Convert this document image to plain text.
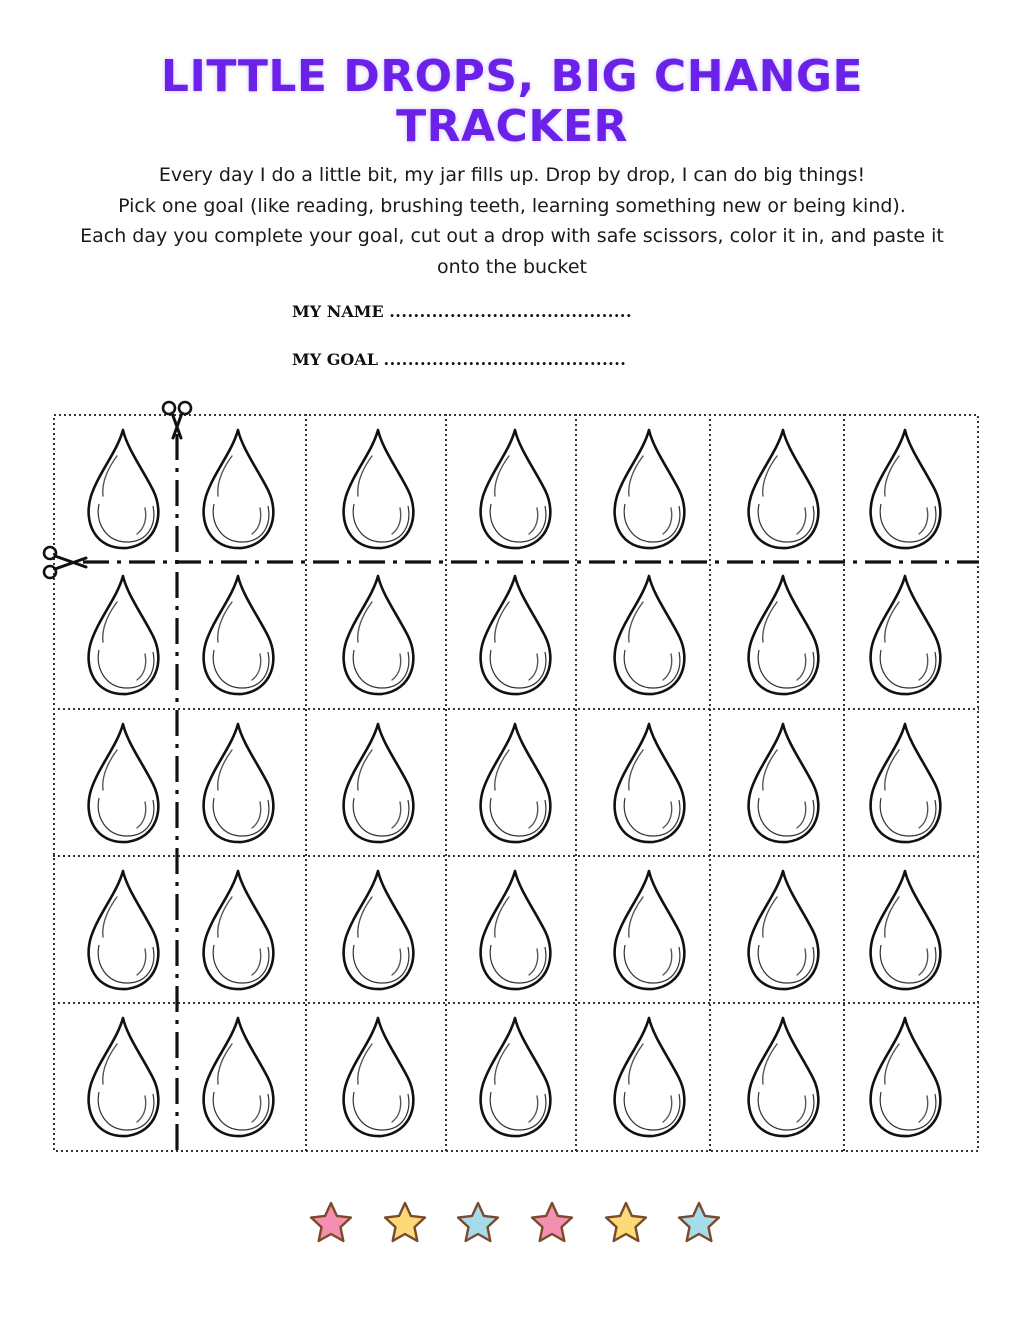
LITTLE DROPS, BIG CHANGE
TRACKER

Every day I do a little bit, my jar fills up. Drop by drop, I can do big things!

Pick one goal (like reading, brushing teeth, learning something new or being kind).

Each day you complete your goal, cut out a drop with safe scissors, color it in, and paste it

onto the bucket

MY NAME ........................................
MY GOAL ........................................
